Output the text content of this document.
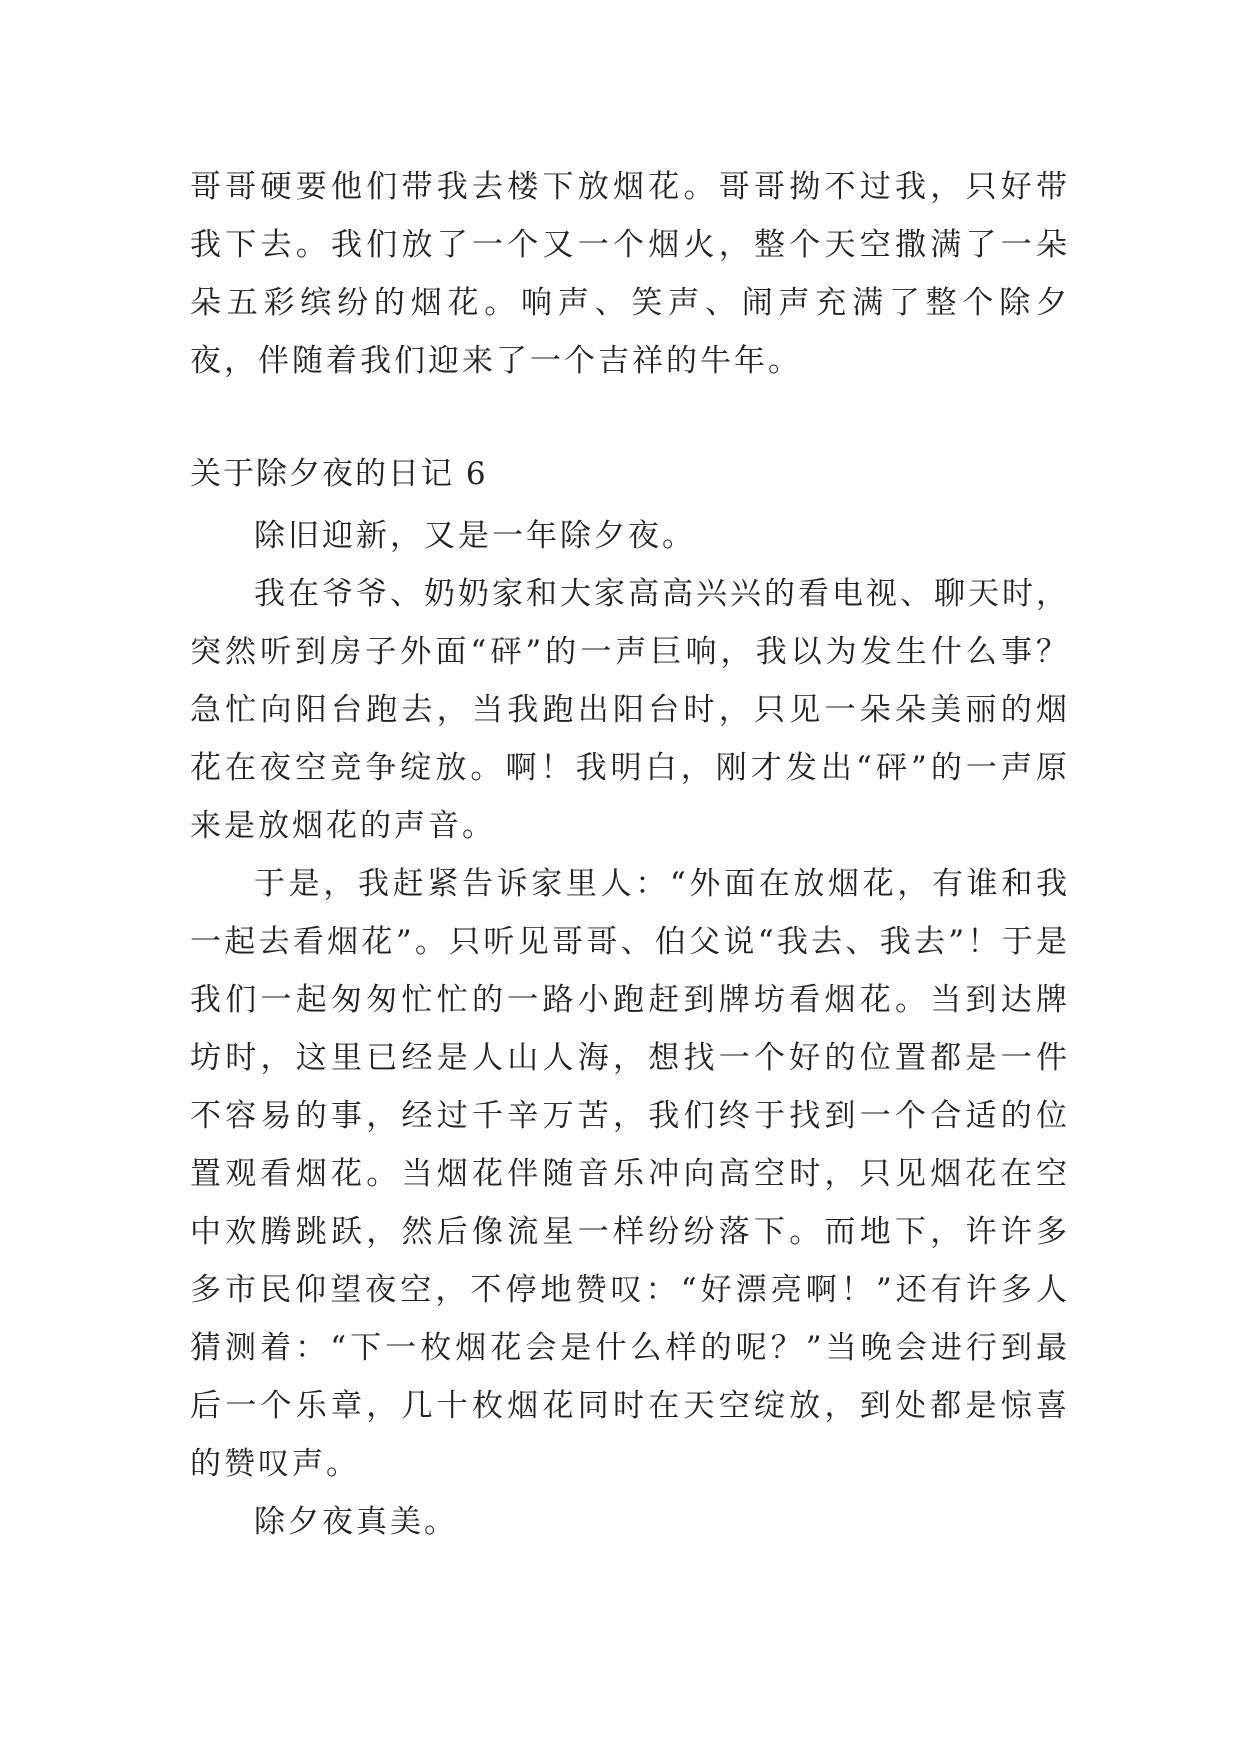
哥哥硬要他们带我去楼下放烟花。哥哥拗不过我，只好带我下去。我们放了一个又一个烟火，整个天空撒满了一朵朵五彩缤纷的烟花。响声、笑声、闹声充满了整个除夕夜，伴随着我们迎来了一个吉祥的牛年。

关于除夕夜的日记 6

除旧迎新，又是一年除夕夜。

我在爷爷、奶奶家和大家高高兴兴的看电视、聊天时，突然听到房子外面“砰”的一声巨响，我以为发生什么事？急忙向阳台跑去，当我跑出阳台时，只见一朵朵美丽的烟花在夜空竞争绽放。啊！我明白，刚才发出“砰”的一声原来是放烟花的声音。

于是，我赶紧告诉家里人：“外面在放烟花，有谁和我一起去看烟花”。只听见哥哥、伯父说“我去、我去”！于是我们一起匆匆忙忙的一路小跑赶到牌坊看烟花。当到达牌坊时，这里已经是人山人海，想找一个好的位置都是一件不容易的事，经过千辛万苦，我们终于找到一个合适的位置观看烟花。当烟花伴随音乐冲向高空时，只见烟花在空中欢腾跳跃，然后像流星一样纷纷落下。而地下，许许多多市民仰望夜空，不停地赞叹：“好漂亮啊！”还有许多人猜测着：“下一枚烟花会是什么样的呢？”当晚会进行到最后一个乐章，几十枚烟花同时在天空绽放，到处都是惊喜的赞叹声。

除夕夜真美。
